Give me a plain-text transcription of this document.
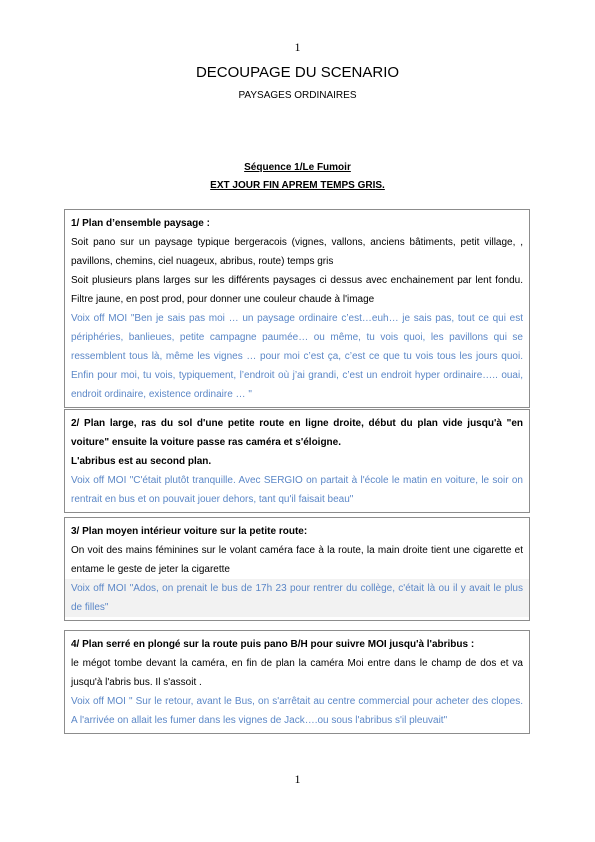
1
DECOUPAGE DU SCENARIO
PAYSAGES ORDINAIRES
Séquence 1/Le Fumoir
EXT JOUR FIN APREM TEMPS GRIS.
1/ Plan d’ensemble paysage :
Soit pano sur un paysage typique bergeracois (vignes, vallons, anciens bâtiments, petit village, , pavillons, chemins, ciel nuageux, abribus, route) temps gris
Soit plusieurs plans larges sur les différents paysages ci dessus avec enchainement par lent fondu. Filtre jaune, en post prod, pour donner une couleur chaude à l'image
Voix off MOI "Ben je sais pas moi … un paysage ordinaire c’est…euh… je sais pas, tout ce qui est périphéries, banlieues, petite campagne paumée… ou même, tu vois quoi, les pavillons qui se ressemblent tous là, même les vignes … pour moi c’est ça, c’est ce que tu vois tous les jours quoi. Enfin pour moi, tu vois, typiquement, l’endroit où j’ai grandi, c’est un endroit hyper ordinaire….. ouai, endroit ordinaire, existence ordinaire … "
2/ Plan large, ras du sol d'une petite route en ligne droite, début du plan vide jusqu'à "en voiture" ensuite la voiture passe ras caméra et s'éloigne.
L'abribus est au second plan.
Voix off MOI "C'était plutôt tranquille. Avec SERGIO on partait à l'école le matin en voiture, le soir on rentrait en bus et on pouvait jouer dehors, tant qu'il faisait beau"
3/ Plan moyen intérieur voiture sur la petite route:
On voit des mains féminines sur le volant caméra face à la route, la main droite tient une cigarette et entame le geste de jeter la cigarette
Voix off MOI "Ados, on prenait le bus de 17h 23 pour rentrer du collège, c'était là ou il y avait le plus de filles"
4/ Plan serré en plongé sur la route puis pano B/H pour suivre MOI jusqu'à l'abribus :
le mégot tombe devant la caméra, en fin de plan la caméra Moi entre dans le champ de dos et va jusqu'à l'abris bus. Il s'assoit .
Voix off MOI " Sur le retour, avant le Bus, on s'arrêtait au centre commercial pour acheter des clopes. A l'arrivée on allait les fumer dans les vignes de Jack….ou sous l'abribus s'il pleuvait"
1
